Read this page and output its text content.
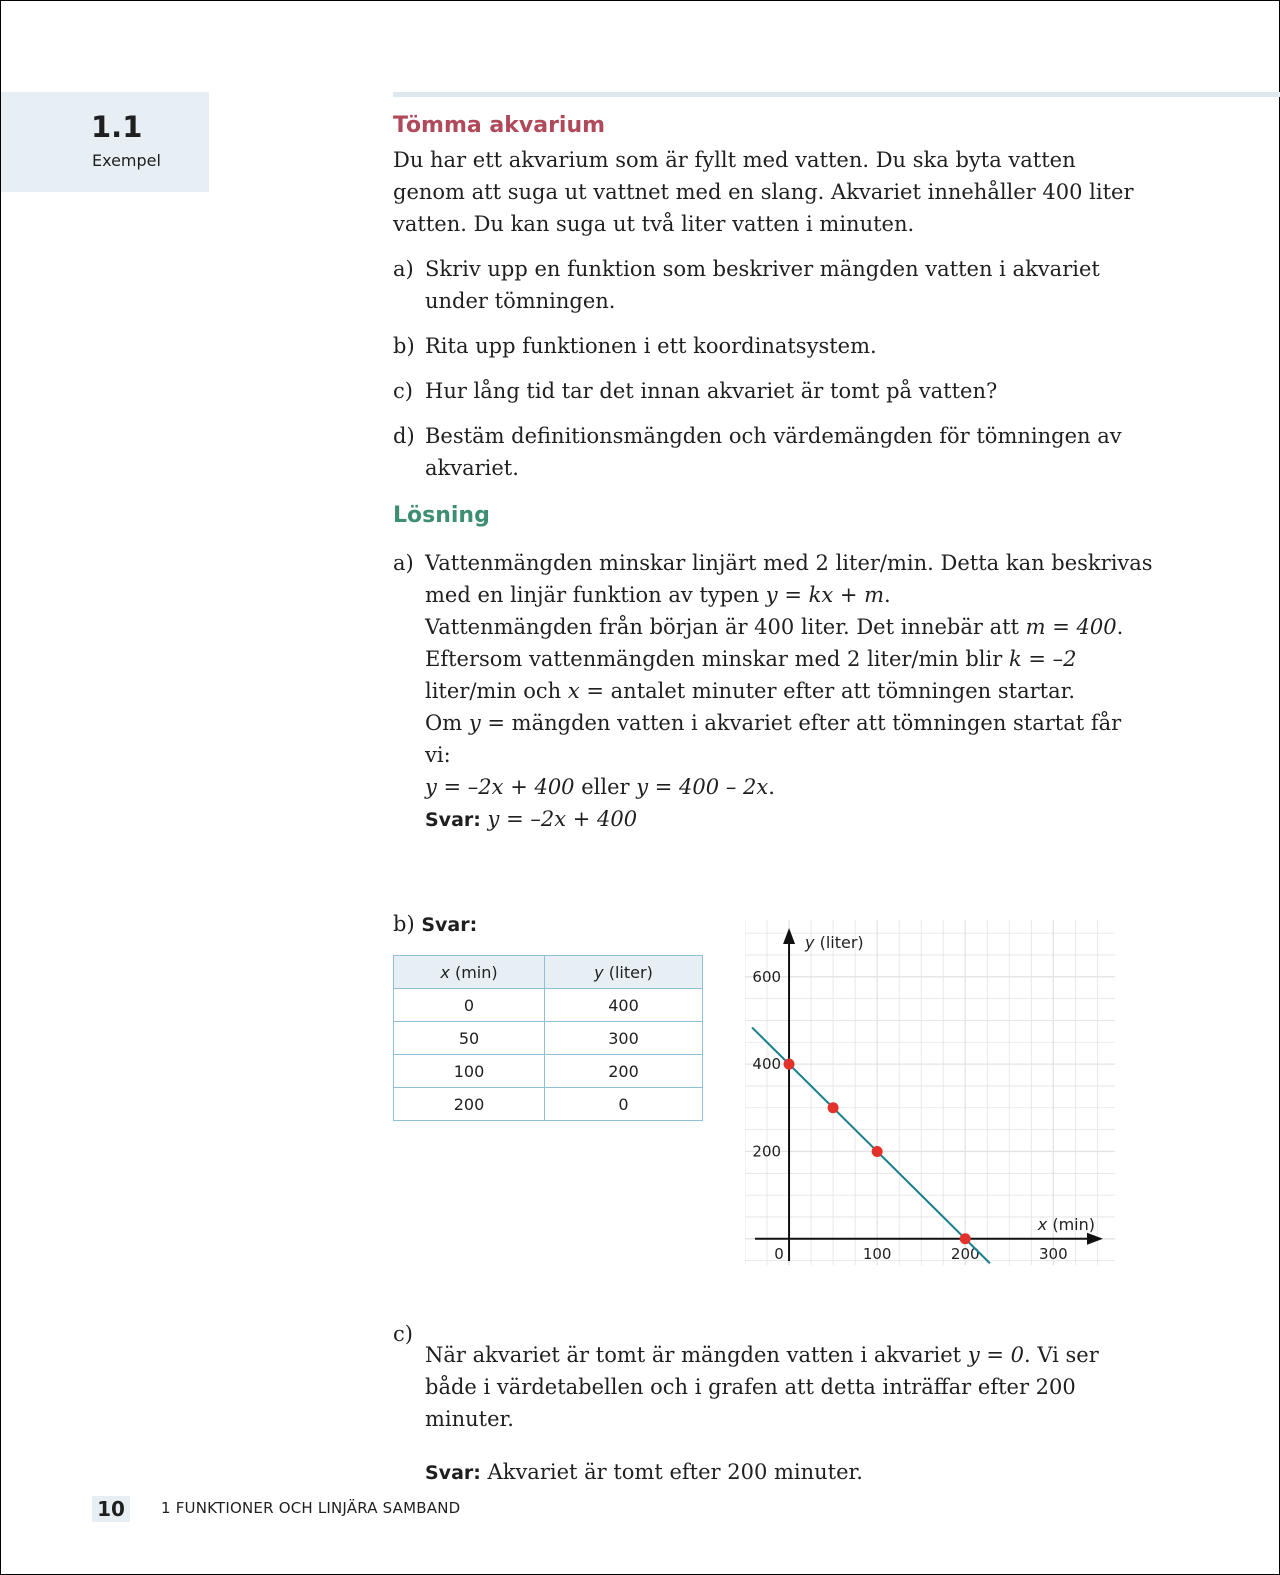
1.1
Exempel
Tömma akvarium

Du har ett akvarium som är fyllt med vatten. Du ska byta vatten genom att suga ut vattnet med en slang. Akvariet innehåller 400 liter vatten. Du kan suga ut två liter vatten i minuten.

a) Skriv upp en funktion som beskriver mängden vatten i akvariet under tömningen.
b) Rita upp funktionen i ett koordinatsystem.
c) Hur lång tid tar det innan akvariet är tomt på vatten?
d) Bestäm definitionsmängden och värdemängden för tömningen av akvariet.
Lösning
a) Vattenmängden minskar linjärt med 2 liter/min. Detta kan beskrivas med en linjär funktion av typen y = kx + m.

Vattenmängden från början är 400 liter. Det innebär att m = 400.

Eftersom vattenmängden minskar med 2 liter/min blir k = –2 liter/min och x = antalet minuter efter att tömningen startar.

Om y = mängden vatten i akvariet efter att tömningen startat får vi:

y = –2x + 400 eller y = 400 – 2x.

Svar: y = –2x + 400

b) Svar:
x (min)	y (liter)
0	400
50	300
100	200
200	0
0	100	200	300
200
400
600
y (liter)
x (min)
c)

När akvariet är tomt är mängden vatten i akvariet y = 0. Vi ser både i värdetabellen och i grafen att detta inträffar efter 200 minuter.

Svar: Akvariet är tomt efter 200 minuter.

10	1 FUNKTIONER OCH LINJÄRA SAMBAND
